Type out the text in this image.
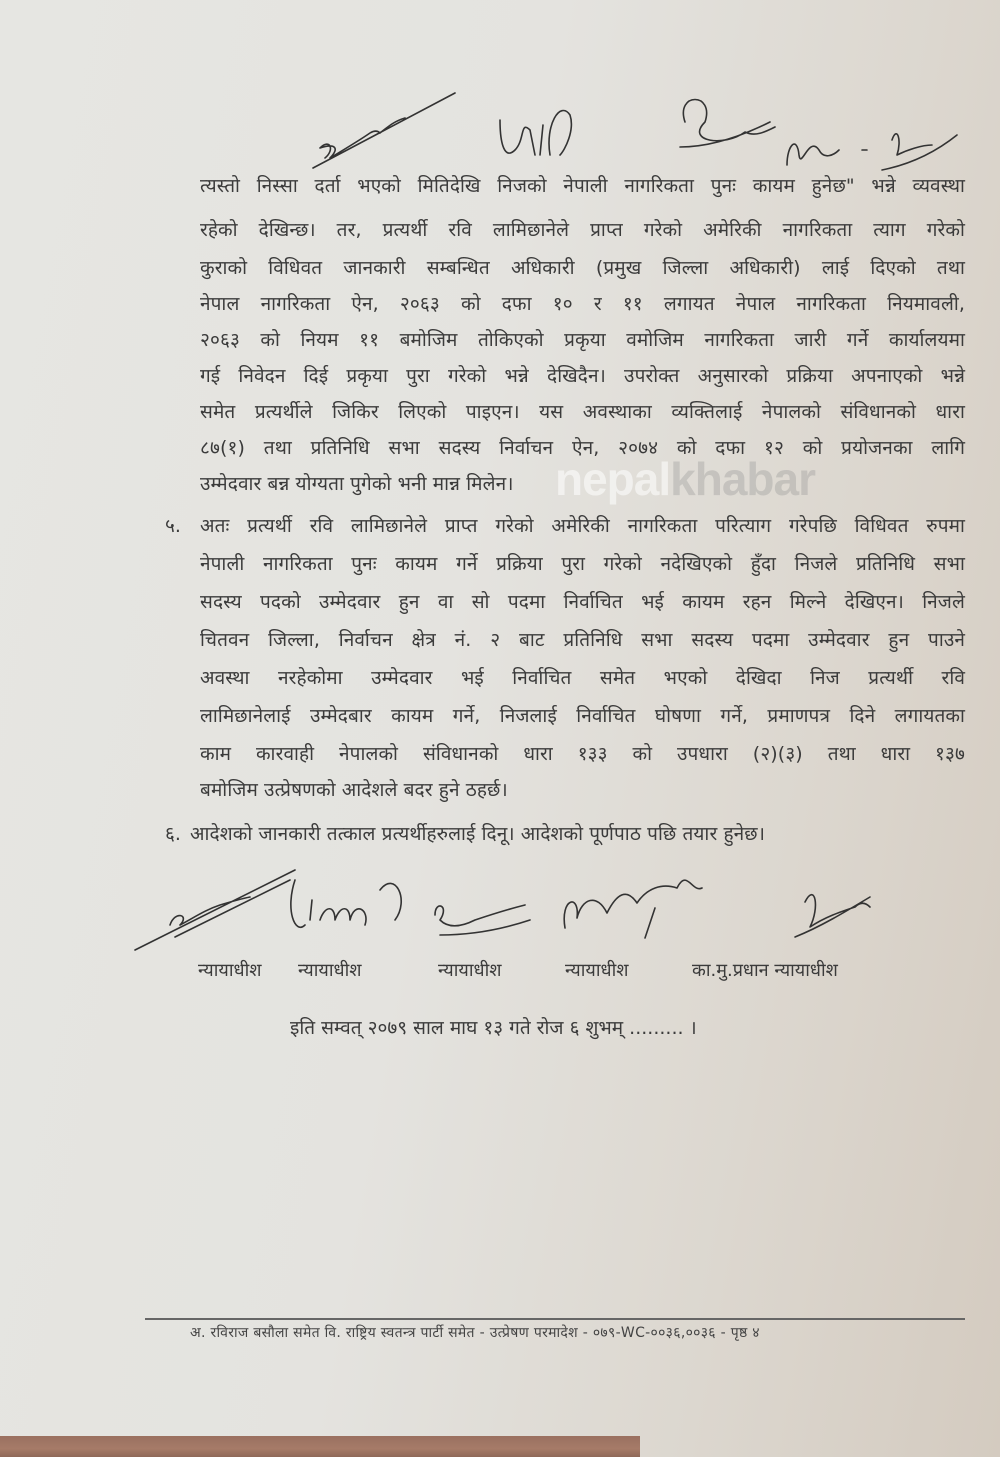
त्यस्तो निस्सा दर्ता भएको मितिदेखि निजको नेपाली नागरिकता पुनः कायम हुनेछ" भन्ने व्यवस्था
रहेको देखिन्छ। तर, प्रत्यर्थी रवि लामिछानेले प्राप्त गरेको अमेरिकी नागरिकता त्याग गरेको
कुराको विधिवत जानकारी सम्बन्धित अधिकारी (प्रमुख जिल्ला अधिकारी) लाई दिएको तथा
नेपाल नागरिकता ऐन, २०६३ को दफा १० र ११ लगायत नेपाल नागरिकता नियमावली,
२०६३ को नियम ११ बमोजिम तोकिएको प्रकृया वमोजिम नागरिकता जारी गर्ने कार्यालयमा
गई निवेदन दिई प्रकृया पुरा गरेको भन्ने देखिदैन। उपरोक्त अनुसारको प्रक्रिया अपनाएको भन्ने
समेत प्रत्यर्थीले जिकिर लिएको पाइएन। यस अवस्थाका व्यक्तिलाई नेपालको संविधानको धारा
८७(१) तथा प्रतिनिधि सभा सदस्य निर्वाचन ऐन, २०७४ को दफा १२ को प्रयोजनका लागि
उम्मेदवार बन्न योग्यता पुगेको भनी मान्न मिलेन। nepalkhabar
५. अतः प्रत्यर्थी रवि लामिछानेले प्राप्त गरेको अमेरिकी नागरिकता परित्याग गरेपछि विधिवत रुपमा
नेपाली नागरिकता पुनः कायम गर्ने प्रक्रिया पुरा गरेको नदेखिएको हुँदा निजले प्रतिनिधि सभा
सदस्य पदको उम्मेदवार हुन वा सो पदमा निर्वाचित भई कायम रहन मिल्ने देखिएन। निजले
चितवन जिल्ला, निर्वाचन क्षेत्र नं. २ बाट प्रतिनिधि सभा सदस्य पदमा उम्मेदवार हुन पाउने
अवस्था नरहेकोमा उम्मेदवार भई निर्वाचित समेत भएको देखिदा निज प्रत्यर्थी रवि
लामिछानेलाई उम्मेदबार कायम गर्ने, निजलाई निर्वाचित घोषणा गर्ने, प्रमाणपत्र दिने लगायतका
काम कारवाही नेपालको संविधानको धारा १३३ को उपधारा (२)(३) तथा धारा १३७
बमोजिम उत्प्रेषणको आदेशले बदर हुने ठहर्छ।
६. आदेशको जानकारी तत्काल प्रत्यर्थीहरुलाई दिनू। आदेशको पूर्णपाठ पछि तयार हुनेछ।
न्यायाधीश न्यायाधीश	न्यायाधीश	न्यायाधीश	का.मु.प्रधान न्यायाधीश
इति सम्वत् २०७९ साल माघ १३ गते रोज ६ शुभम् ......... ।
अ. रविराज बसौला समेत वि. राष्ट्रिय स्वतन्त्र पार्टी समेत - उत्प्रेषण परमादेश - ०७९-WC-००३६,००३६ - पृष्ठ ४
